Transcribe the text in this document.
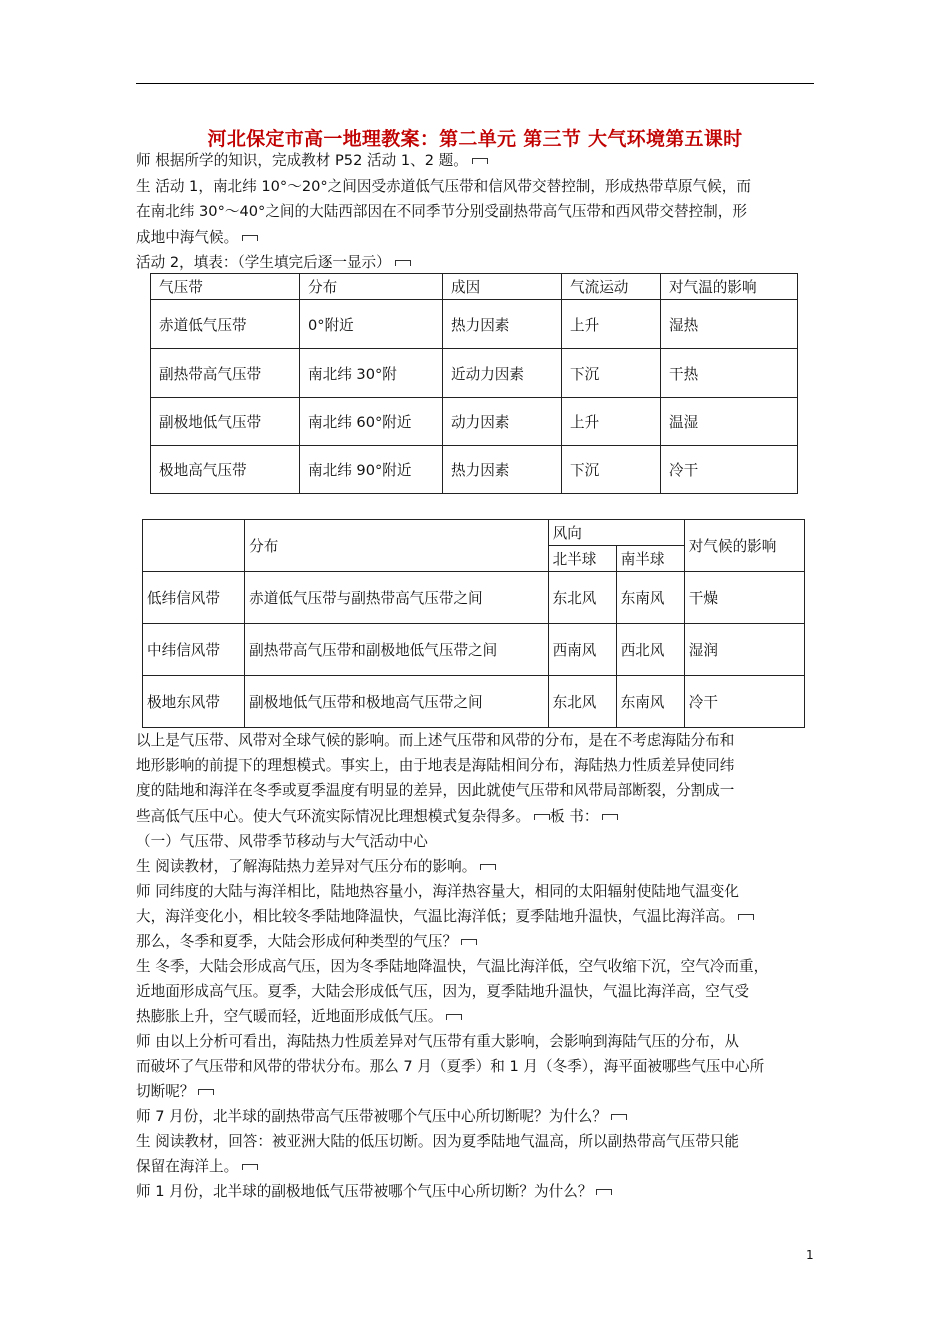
河北保定市高一地理教案：第二单元 第三节 大气环境第五课时
师 根据所学的知识，完成教材 P52 活动 1、2 题。
生 活动 1，南北纬 10°～20°之间因受赤道低气压带和信风带交替控制，形成热带草原气候，而
在南北纬 30°～40°之间的大陆西部因在不同季节分别受副热带高气压带和西风带交替控制，形
成地中海气候。
活动 2，填表：（学生填完后逐一显示）
气压带	分布	成因	气流运动	对气温的影响
赤道低气压带	0°附近	热力因素	上升	湿热
副热带高气压带	南北纬 30°附	近动力因素	下沉	干热
副极地低气压带	南北纬 60°附近	动力因素	上升	温湿
极地高气压带	南北纬 90°附近	热力因素	下沉	冷干
	分布	风向		对气候的影响
		北半球	南半球	
低纬信风带	赤道低气压带与副热带高气压带之间	东北风	东南风	干燥
中纬信风带	副热带高气压带和副极地低气压带之间	西南风	西北风	湿润
极地东风带	副极地低气压带和极地高气压带之间	东北风	东南风	冷干
以上是气压带、风带对全球气候的影响。而上述气压带和风带的分布，是在不考虑海陆分布和
地形影响的前提下的理想模式。事实上，由于地表是海陆相间分布，海陆热力性质差异使同纬
度的陆地和海洋在冬季或夏季温度有明显的差异，因此就使气压带和风带局部断裂，分割成一
些高低气压中心。使大气环流实际情况比理想模式复杂得多。 板 书：
（一）气压带、风带季节移动与大气活动中心
生 阅读教材，了解海陆热力差异对气压分布的影响。
师 同纬度的大陆与海洋相比，陆地热容量小，海洋热容量大，相同的太阳辐射使陆地气温变化
大，海洋变化小，相比较冬季陆地降温快，气温比海洋低；夏季陆地升温快，气温比海洋高。
那么，冬季和夏季，大陆会形成何种类型的气压？
生 冬季，大陆会形成高气压，因为冬季陆地降温快，气温比海洋低，空气收缩下沉，空气冷而重，
近地面形成高气压。夏季，大陆会形成低气压，因为，夏季陆地升温快，气温比海洋高，空气受
热膨胀上升，空气暖而轻，近地面形成低气压。
师 由以上分析可看出，海陆热力性质差异对气压带有重大影响，会影响到海陆气压的分布，从
而破坏了气压带和风带的带状分布。那么 7 月（夏季）和 1 月（冬季），海平面被哪些气压中心所
切断呢？
师 7 月份，北半球的副热带高气压带被哪个气压中心所切断呢？为什么？
生 阅读教材，回答：被亚洲大陆的低压切断。因为夏季陆地气温高，所以副热带高气压带只能
保留在海洋上。
师 1 月份，北半球的副极地低气压带被哪个气压中心所切断？为什么？
1
